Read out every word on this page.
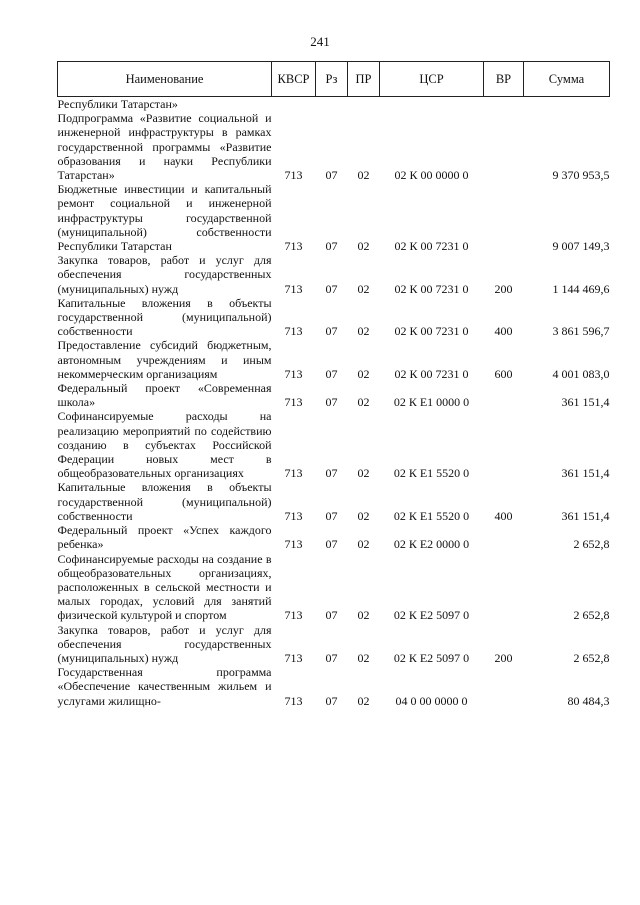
241
Наименование	КВСР	Рз	ПР	ЦСР	ВР	Сумма
Республики Татарстан»						
Подпрограмма «Развитие социальной и инженерной инфраструктуры в рамках государственной программы «Развитие образования и науки Республики Татарстан»	713	07	02	02 К 00 0000 0		9 370 953,5
Бюджетные инвестиции и капитальный ремонт социальной и инженерной инфраструктуры государственной (муниципальной) собственности Республики Татарстан	713	07	02	02 К 00 7231 0		9 007 149,3
Закупка товаров, работ и услуг для обеспечения государственных (муниципальных) нужд	713	07	02	02 К 00 7231 0	200	1 144 469,6
Капитальные вложения в объекты государственной (муниципальной) собственности	713	07	02	02 К 00 7231 0	400	3 861 596,7
Предоставление субсидий бюджетным, автономным учреждениям и иным некоммерческим организациям	713	07	02	02 К 00 7231 0	600	4 001 083,0
Федеральный проект «Современная школа»	713	07	02	02 К Е1 0000 0		361 151,4
Софинансируемые расходы на реализацию мероприятий по содействию созданию в субъектах Российской Федерации новых мест в общеобразовательных организациях	713	07	02	02 К Е1 5520 0		361 151,4
Капитальные вложения в объекты государственной (муниципальной) собственности	713	07	02	02 К Е1 5520 0	400	361 151,4
Федеральный проект «Успех каждого ребенка»	713	07	02	02 К Е2 0000 0		2 652,8
Софинансируемые расходы на создание в общеобразовательных организациях, расположенных в сельской местности и малых городах, условий для занятий физической культурой и спортом	713	07	02	02 К Е2 5097 0		2 652,8
Закупка товаров, работ и услуг для обеспечения государственных (муниципальных) нужд	713	07	02	02 К Е2 5097 0	200	2 652,8
Государственная программа «Обеспечение качественным жильем и услугами жилищно-	713	07	02	04 0 00 0000 0		80 484,3
